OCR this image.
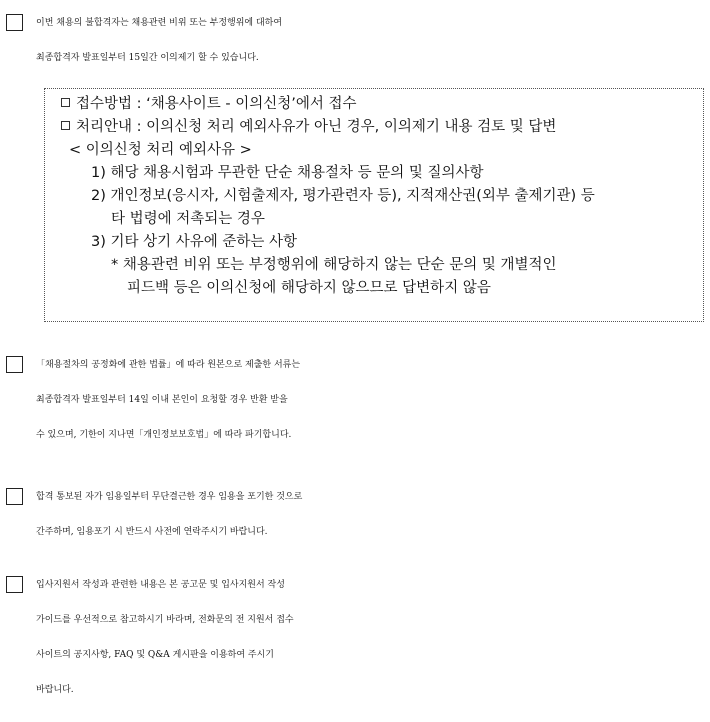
이번 채용의 불합격자는 채용관련 비위 또는 부정행위에 대하여
최종합격자 발표일부터 15일간 이의제기 할 수 있습니다.
접수방법 : ‘채용사이트 - 이의신청’에서 접수
처리안내 : 이의신청 처리 예외사유가 아닌 경우, 이의제기 내용 검토 및 답변
< 이의신청 처리 예외사유 >
1) 해당 채용시험과 무관한 단순 채용절차 등 문의 및 질의사항
2) 개인정보(응시자, 시험출제자, 평가관련자 등), 지적재산권(외부 출제기관) 등
타 법령에 저촉되는 경우
3) 기타 상기 사유에 준하는 사항
* 채용관련 비위 또는 부정행위에 해당하지 않는 단순 문의 및 개별적인
피드백 등은 이의신청에 해당하지 않으므로 답변하지 않음
「채용절차의 공정화에 관한 법률」에 따라 원본으로 제출한 서류는
최종합격자 발표일부터 14일 이내 본인이 요청할 경우 반환 받을
수 있으며, 기한이 지나면「개인정보보호법」에 따라 파기합니다.
합격 통보된 자가 임용일부터 무단결근한 경우 임용을 포기한 것으로
간주하며, 임용포기 시 반드시 사전에 연락주시기 바랍니다.
입사지원서 작성과 관련한 내용은 본 공고문 및 입사지원서 작성
가이드를 우선적으로 참고하시기 바라며, 전화문의 전 지원서 접수
사이트의 공지사항, FAQ 및 Q&A 게시판을 이용하여 주시기
바랍니다.
